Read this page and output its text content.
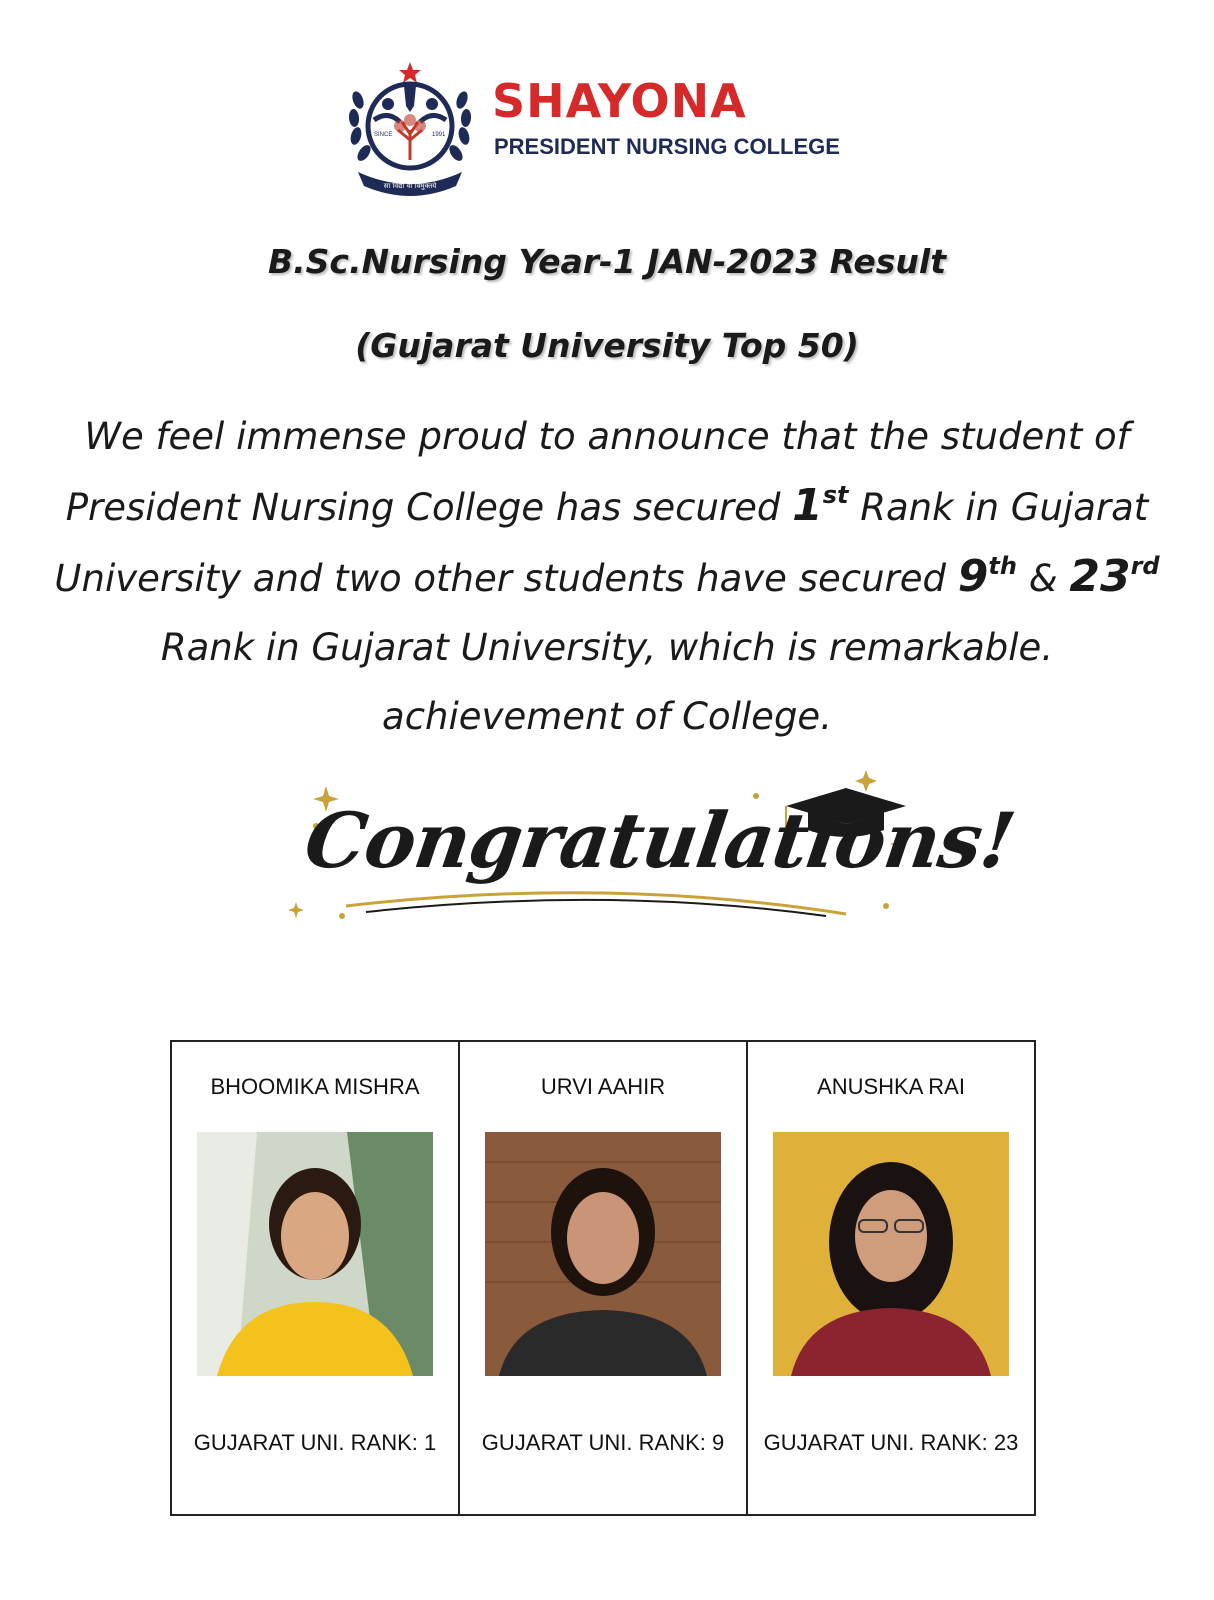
SINCE	1991
सा विद्या या विमुक्तये
SHAYONA
PRESIDENT NURSING COLLEGE
B.Sc.Nursing Year-1 JAN-2023 Result
(Gujarat University Top 50)
We feel immense proud to announce that the student of President Nursing College has secured 1st Rank in Gujarat University and two other students have secured 9th & 23rd Rank in Gujarat University, which is remarkable. achievement of College.
Congratulations!
BHOOMIKA MISHRA
GUJARAT UNI. RANK: 1
URVI AAHIR
GUJARAT UNI. RANK: 9
ANUSHKA RAI
GUJARAT UNI. RANK: 23
